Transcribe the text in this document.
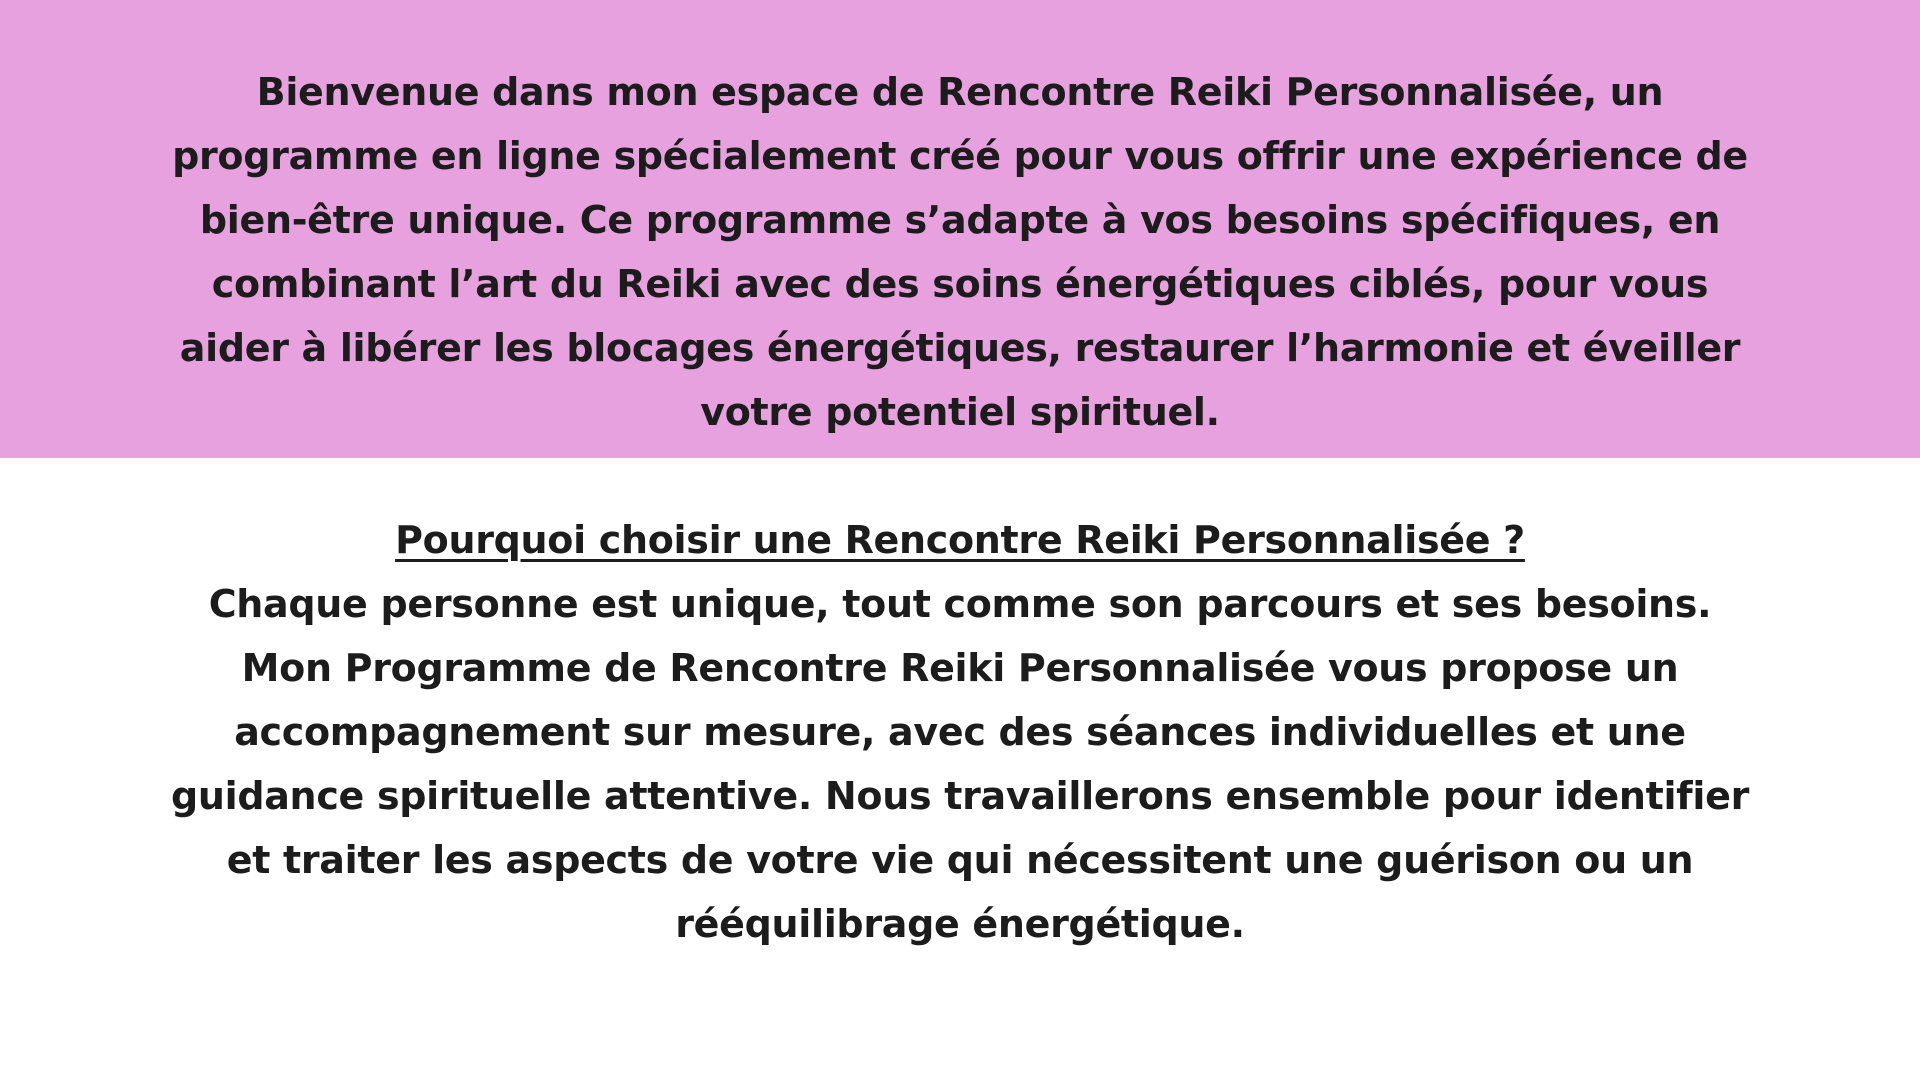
Bienvenue dans mon espace de Rencontre Reiki Personnalisée, un programme en ligne spécialement créé pour vous offrir une expérience de bien-être unique. Ce programme s’adapte à vos besoins spécifiques, en combinant l’art du Reiki avec des soins énergétiques ciblés, pour vous aider à libérer les blocages énergétiques, restaurer l’harmonie et éveiller votre potentiel spirituel.

Pourquoi choisir une Rencontre Reiki Personnalisée ?

Chaque personne est unique, tout comme son parcours et ses besoins. Mon Programme de Rencontre Reiki Personnalisée vous propose un accompagnement sur mesure, avec des séances individuelles et une guidance spirituelle attentive. Nous travaillerons ensemble pour identifier et traiter les aspects de votre vie qui nécessitent une guérison ou un rééquilibrage énergétique.
